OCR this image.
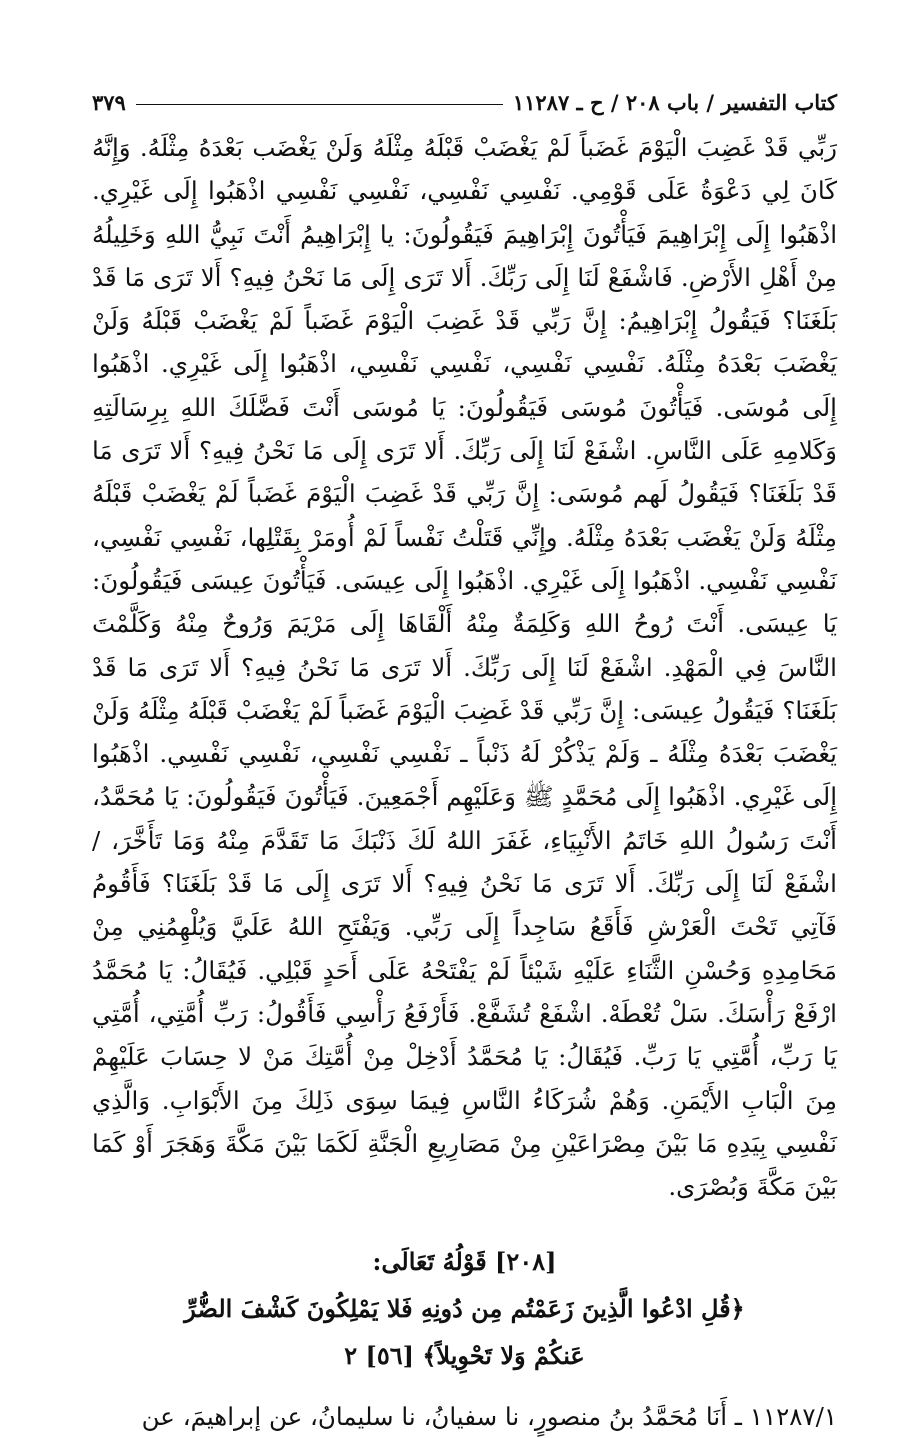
كتاب التفسير / باب ٢٠٨ / ح ـ ١١٢٨٧
٣٧٩

رَبِّي قَدْ غَضِبَ الْيَوْمَ غَضَباً لَمْ يَغْضَبْ قَبْلَهُ مِثْلَهُ وَلَنْ يَغْضَب بَعْدَهُ مِثْلَهُ. وَإِنَّهُ كَانَ لِي دَعْوَةُ عَلَى قَوْمِي. نَفْسِي نَفْسِي، نَفْسِي نَفْسِي اذْهَبُوا إِلَى غَيْرِي. اذْهَبُوا إِلَى إِبْرَاهِيمَ فَيَأْتُونَ إِبْرَاهِيمَ فَيَقُولُونَ: يا إِبْرَاهِيمُ أَنْتَ نَبِيُّ اللهِ وَخَلِيلُهُ مِنْ أَهْلِ الأَرْضِ. فَاشْفَعْ لَنَا إِلَى رَبِّكَ. أَلا تَرَى إِلَى مَا نَحْنُ فِيهِ؟ أَلا تَرَى مَا قَدْ بَلَغَنَا؟ فَيَقُولُ إِبْرَاهِيمُ: إِنَّ رَبِّي قَدْ غَضِبَ الْيَوْمَ غَضَباً لَمْ يَغْضَبْ قَبْلَهُ وَلَنْ يَغْضَبَ بَعْدَهُ مِثْلَهُ. نَفْسِي نَفْسِي، نَفْسِي نَفْسِي، اذْهَبُوا إِلَى غَيْرِي. اذْهَبُوا إِلَى مُوسَى. فَيَأْتُونَ مُوسَى فَيَقُولُونَ: يَا مُوسَى أَنْتَ فَضَّلَكَ اللهِ بِرِسَالَتِهِ وَكَلامِهِ عَلَى النَّاسِ. اشْفَعْ لَنَا إِلَى رَبِّكَ. أَلا تَرَى إِلَى مَا نَحْنُ فِيهِ؟ أَلا تَرَى مَا قَدْ بَلَغَنَا؟ فَيَقُولُ لَهم مُوسَى: إِنَّ رَبِّي قَدْ غَضِبَ الْيَوْمَ غَضَباً لَمْ يَغْضَبْ قَبْلَهُ مِثْلَهُ وَلَنْ يَغْضَب بَعْدَهُ مِثْلَهُ. وإِنِّي قَتَلْتُ نَفْساً لَمْ أُومَرْ بِقَتْلِها، نَفْسِي نَفْسِي، نَفْسِي نَفْسِي. اذْهَبُوا إِلَى غَيْرِي. اذْهَبُوا إِلَى عِيسَى. فَيَأْتُونَ عِيسَى فَيَقُولُونَ: يَا عِيسَى. أَنْتَ رُوحُ اللهِ وَكَلِمَةٌ مِنْهُ أَلْقَاهَا إِلَى مَرْيَمَ وَرُوحٌ مِنْهُ وَكَلَّمْتَ النَّاسَ فِي الْمَهْدِ. اشْفَعْ لَنَا إِلَى رَبِّكَ. أَلا تَرَى مَا نَحْنُ فِيهِ؟ أَلا تَرَى مَا قَدْ بَلَغَنَا؟ فَيَقُولُ عِيسَى: إِنَّ رَبِّي قَدْ غَضِبَ الْيَوْمَ غَضَباً لَمْ يَغْضَبْ قَبْلَهُ مِثْلَهُ وَلَنْ يَغْضَبَ بَعْدَهُ مِثْلَهُ ـ وَلَمْ يَذْكُرْ لَهُ ذَنْباً ـ نَفْسِي نَفْسِي، نَفْسِي نَفْسِي. اذْهَبُوا إِلَى غَيْرِي. اذْهَبُوا إِلَى مُحَمَّدٍ ﷺ وَعَلَيْهِم أَجْمَعِينَ. فَيَأْتُونَ فَيَقُولُونَ: يَا مُحَمَّدُ، أَنْتَ رَسُولُ اللهِ خَاتَمُ الأَنْبِيَاءِ، غَفَرَ اللهُ لَكَ ذَنْبَكَ مَا تَقَدَّمَ مِنْهُ وَمَا تَأَخَّرَ، /اشْفَعْ لَنَا إِلَى رَبِّكَ. أَلا تَرَى مَا نَحْنُ فِيهِ؟ أَلا تَرَى إِلَى مَا قَدْ بَلَغَنَا؟ فَأَقُومُ فَآتِي تَحْتَ الْعَرْشِ فَأَقَعُ سَاجِداً إِلَى رَبِّي. وَيَفْتَحِ اللهُ عَلَيَّ وَيُلْهِمُنِي مِنْ مَحَامِدِهِ وَحُسْنِ الثَّنَاءِ عَلَيْهِ شَيْئاً لَمْ يَفْتَحْهُ عَلَى أَحَدٍ قَبْلِي. فَيُقَالُ: يَا مُحَمَّدُ ارْفَعْ رَأْسَكَ. سَلْ تُعْطَهْ. اشْفَعْ تُشَفَّعْ. فَأَرْفَعُ رَأْسِي فَأَقُولُ: رَبِّ أُمَّتِي، أُمَّتِي يَا رَبِّ، أُمَّتِي يَا رَبِّ. فَيُقَالُ: يَا مُحَمَّدُ أَدْخِلْ مِنْ أُمَّتِكَ مَنْ لا حِسَابَ عَلَيْهِمْ مِنَ الْبَابِ الأَيْمَنِ. وَهُمْ شُرَكَاءُ النَّاسِ فِيمَا سِوَى ذَلِكَ مِنَ الأَبْوَابِ. وَالَّذِي نَفْسِي بِيَدِهِ مَا بَيْنَ مِصْرَاعَيْنِ مِنْ مَصَارِيعِ الْجَنَّةِ لَكَمَا بَيْنَ مَكَّةَ وَهَجَرَ أَوْ كَمَا بَيْنَ مَكَّةَ وَبُصْرَى.

[٢٠٨] قَوْلُهُ تَعَالَى:
﴿قُلِ ادْعُوا الَّذِينَ زَعَمْتُم مِن دُونِهِ فَلا يَمْلِكُونَ كَشْفَ الضُّرِّ
عَنكُمْ وَلا تَحْوِيلاً﴾ [٥٦] ٢
١١٢٨٧/١ ـ أَنَا مُحَمَّدُ بنُ منصورٍ، نا سفيانُ، نا سليمانُ، عن إبراهيمَ، عن
